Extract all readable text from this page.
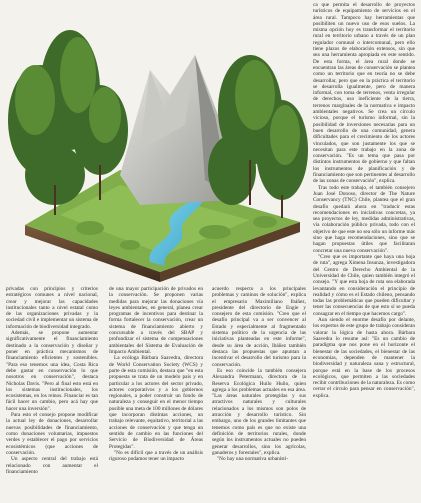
privadas con principios y criterios estratégicos comunes a nivel nacional, crear y mejorar las capacidades institucionales tanto a nivel estatal como de las organizaciones privadas y la sociedad civil e implementar un sistema de información de biodiversidad integrado.

Además, se propone aumentar significativamente el financiamiento destinado a la conservación y diseñar y poner en práctica mecanismos de financiamiento eficientes y sostenibles. "Para eso tenemos una idea, Costa Rica debe gastar en conservación lo que nosotros en conservación", destaca Nicholas Davis. "Pero al final esto está en los sistemas institucionales, los ecosistemas, en los reinos. Financiar es tan fácil hacer un cambio, pero acá hay que hacer una inversión".

Para esto el consejo propone modificar la actual ley de donaciones, desarrollar nuevas posibilidades de financiamiento, como donaciones voluntarias, impuestos verdes y establecer el pago por servicios ecosistémicos (que acciones de conservación.

Un aspecto central del trabajo está relacionado con aumentar el financiamiento

de una mayor participación de privados en la conservación. Se proponen varias medidas para mejorar las donaciones vía leyes ambientales, en general, planea crear programas de incentivos para destinar la forma fortalecer la conservación, crear un sistema de financiamiento abierto y concursable a través del SBAP y profundizar el sistema de compensaciones ambientales del Sistema de Evaluación de Impacto Ambiental.

La ecóloga Bárbara Saavedra, directora de World Conservation Society (WCS) y parte de esta comisión, destaca que "en esta propuesta se trata de un modelo país y en particular a los actores del sector privado, actores corporativos y a los gobiernos regionales, a poder construir un fondo de naturaleza y conseguir en el menor tiempo posible una meta de 100 millones de dólares que incorporan distintas acciones, un trabajo relevante, equitativo, territorial a las acciones de conservación y que tenga un sentido de cambio en las funciones del Servicio de Biodiversidad de Áreas Protegidas".

"No es difícil que a través de un análisis riguroso podamos tener un impacto

acuerdo respecto a los principales problemas y caminos de solución", explica el empresario Maximiliano Ibáñez, presidente del directorio de Engie y consejero de esta comisión. "Creo que el desafío principal va a ser convencer al Estado y especialmente al fragmentado sistema político de la urgencia de las iniciativas planteadas en este informe", desde su área de acción, Ibáñez también destaca las propuestas que apuntan a incentivar el desarrollo del turismo para la conservación.

Es eso coincide la también consejera Alexandra Petermann, directora de la Reserva Ecológica Huilo Huilo, quien agrega a los problemas actuales en esa área. "Las áreas naturales protegidas y sus atractivos naturales y culturales relacionados a los mismos son polos de atracción y desarrollo turístico. Sin embargo, uno de los grandes limitantes que tenemos como país es que no existe una definición de territorios rurales, donde según los instrumentos actuales no pueden generar desarrollos, sino los agrícolas, ganaderos y forestales", explica.

"No hay una normativa urbanísti-

ca que permita el desarrollo de proyectos turísticos de equipamiento de servicios en el área rural. Tampoco hay herramientas que posibiliten un nuevo uso de esos suelos. La misma opción hoy es transformar el territorio rural en territorio urbano a través de un plan regulador comunal o intercomunal, pero ello tiene plazos de elaboración extensos, sin que sea una herramienta apropiada en este sentido. De esta forma, el área rural donde se encuentran las áreas de conservación se plantea como un territorio que en teoría no se debe desarrollar, pero que en la práctica el territorio se desarrolla igualmente, pero de manera informal, con toma de terrenos, venta irregular de derechos, uso ineficiente de la tierra, terrenos marginales de la normativa e impacto ambientales negativos. Se crea un círculo vicioso, porque el turismo informal, sin la posibilidad de inversiones necesarias para un buen desarrollo de una comunidad, genera dificultades para el crecimiento de los actores vinculados, que son justamente los que se necesitan para este trabajo en la zona de conservación. "Es un tema que pasa por distintos instrumentos de gobierno y que faltan los instrumentos de planificación y de financiamiento que son pertinentes al desarrollo de las zonas de conservación", explica.

Tras todo este trabajo, el también consejero Juan José Donoso, director de The Nature Conservancy (TNC) Chile, plantea que el gran desafío quedará ahora en "traducir estas recomendaciones en iniciativas concretas, ya sea proyectos de ley, medidas administrativas, vía colaboración público privada, todo con el objetivo de que este no sea sólo un informe más sino que haga recomendaciones, sino que se hagan propuestas útiles que facilitaran concretar una nueva conservación".

"Creo que es importante que haya una hoja de ruta", agrega Ximena Insunza, investigadora del Centro de Derecho Ambiental de la Universidad de Chile, quien también integró el consejo. "Y que esta hoja de ruta sea elaborada levantando en consideración el principio de realidad y cómo es el Estado chileno, pensando todas las problemáticas que pueden dificultar y tener las consecuencias de que esto sí se pueda consagrar en el tiempo que hacemos cargo".

Aun siendo el enorme desafío por delante, los expertos de este grupo de trabajo consideran valorar la lógica de hasta ahora. Bárbara Saavedra lo resume así: "Es un cambio de paradigma que nos pone en el horizonte el bienestar de las sociedades, el bienestar de las economías, dependen de mantener la biodiversidad y naturaleza sana y estructural, porque está en la base de los procesos ecológicos, que permiten a las sociedades recibir contribuciones de la naturaleza. Es como cerrar el círculo para pensar en conservación", explica.
